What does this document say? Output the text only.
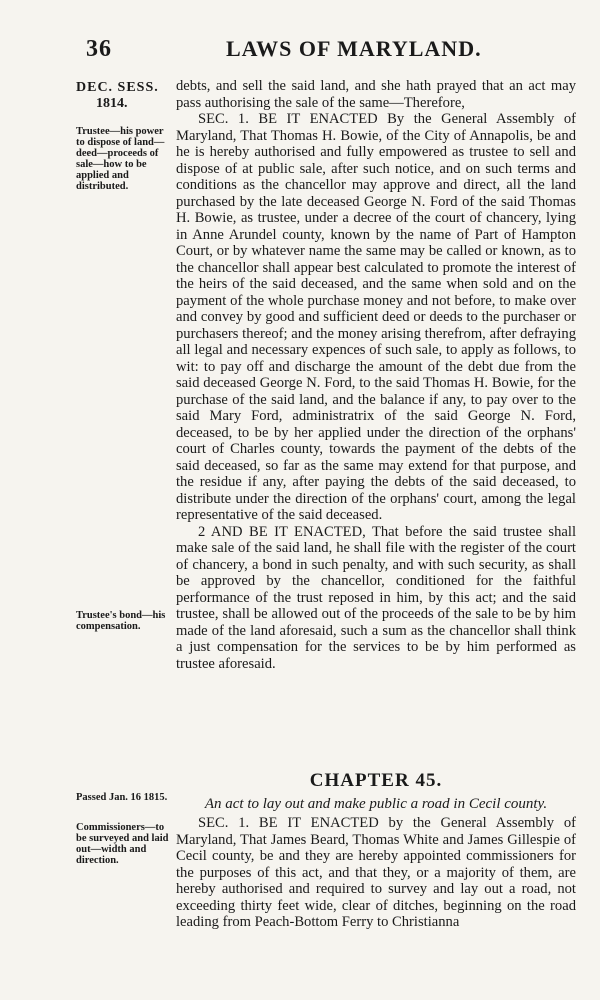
36	LAWS OF MARYLAND.
DEC. SESS.
1814.
Trustee—his power to dispose of land—deed—proceeds of sale—how to be applied and distributed.
Trustee's bond—his compensation.
Passed Jan. 16 1815.
Commissioners—to be surveyed and laid out—width and direction.

debts, and sell the said land, and she hath prayed that an act may pass authorising the sale of the same—Therefore,

SEC. 1. BE IT ENACTED By the General Assembly of Maryland, That Thomas H. Bowie, of the City of Annapolis, be and he is hereby authorised and fully empowered as trustee to sell and dispose of at public sale, after such notice, and on such terms and conditions as the chancellor may approve and direct, all the land purchased by the late deceased George N. Ford of the said Thomas H. Bowie, as trustee, under a decree of the court of chancery, lying in Anne Arundel county, known by the name of Part of Hampton Court, or by whatever name the same may be called or known, as to the chancellor shall appear best calculated to promote the interest of the heirs of the said deceased, and the same when sold and on the payment of the whole purchase money and not before, to make over and convey by good and sufficient deed or deeds to the purchaser or purchasers thereof; and the money arising therefrom, after defraying all legal and necessary expences of such sale, to apply as follows, to wit: to pay off and discharge the amount of the debt due from the said deceased George N. Ford, to the said Thomas H. Bowie, for the purchase of the said land, and the balance if any, to pay over to the said Mary Ford, administratrix of the said George N. Ford, deceased, to be by her applied under the direction of the orphans' court of Charles county, towards the payment of the debts of the said deceased, so far as the same may extend for that purpose, and the residue if any, after paying the debts of the said deceased, to distribute under the direction of the orphans' court, among the legal representative of the said deceased.

2 AND BE IT ENACTED, That before the said trustee shall make sale of the said land, he shall file with the register of the court of chancery, a bond in such penalty, and with such security, as shall be approved by the chancellor, conditioned for the faithful performance of the trust reposed in him, by this act; and the said trustee, shall be allowed out of the proceeds of the sale to be by him made of the land aforesaid, such a sum as the chancellor shall think a just compensation for the services to be by him performed as trustee aforesaid.

CHAPTER 45.
An act to lay out and make public a road in Cecil county.

SEC. 1. BE IT ENACTED by the General Assembly of Maryland, That James Beard, Thomas White and James Gillespie of Cecil county, be and they are hereby appointed commissioners for the purposes of this act, and that they, or a majority of them, are hereby authorised and required to survey and lay out a road, not exceeding thirty feet wide, clear of ditches, beginning on the road leading from Peach-Bottom Ferry to Christianna
